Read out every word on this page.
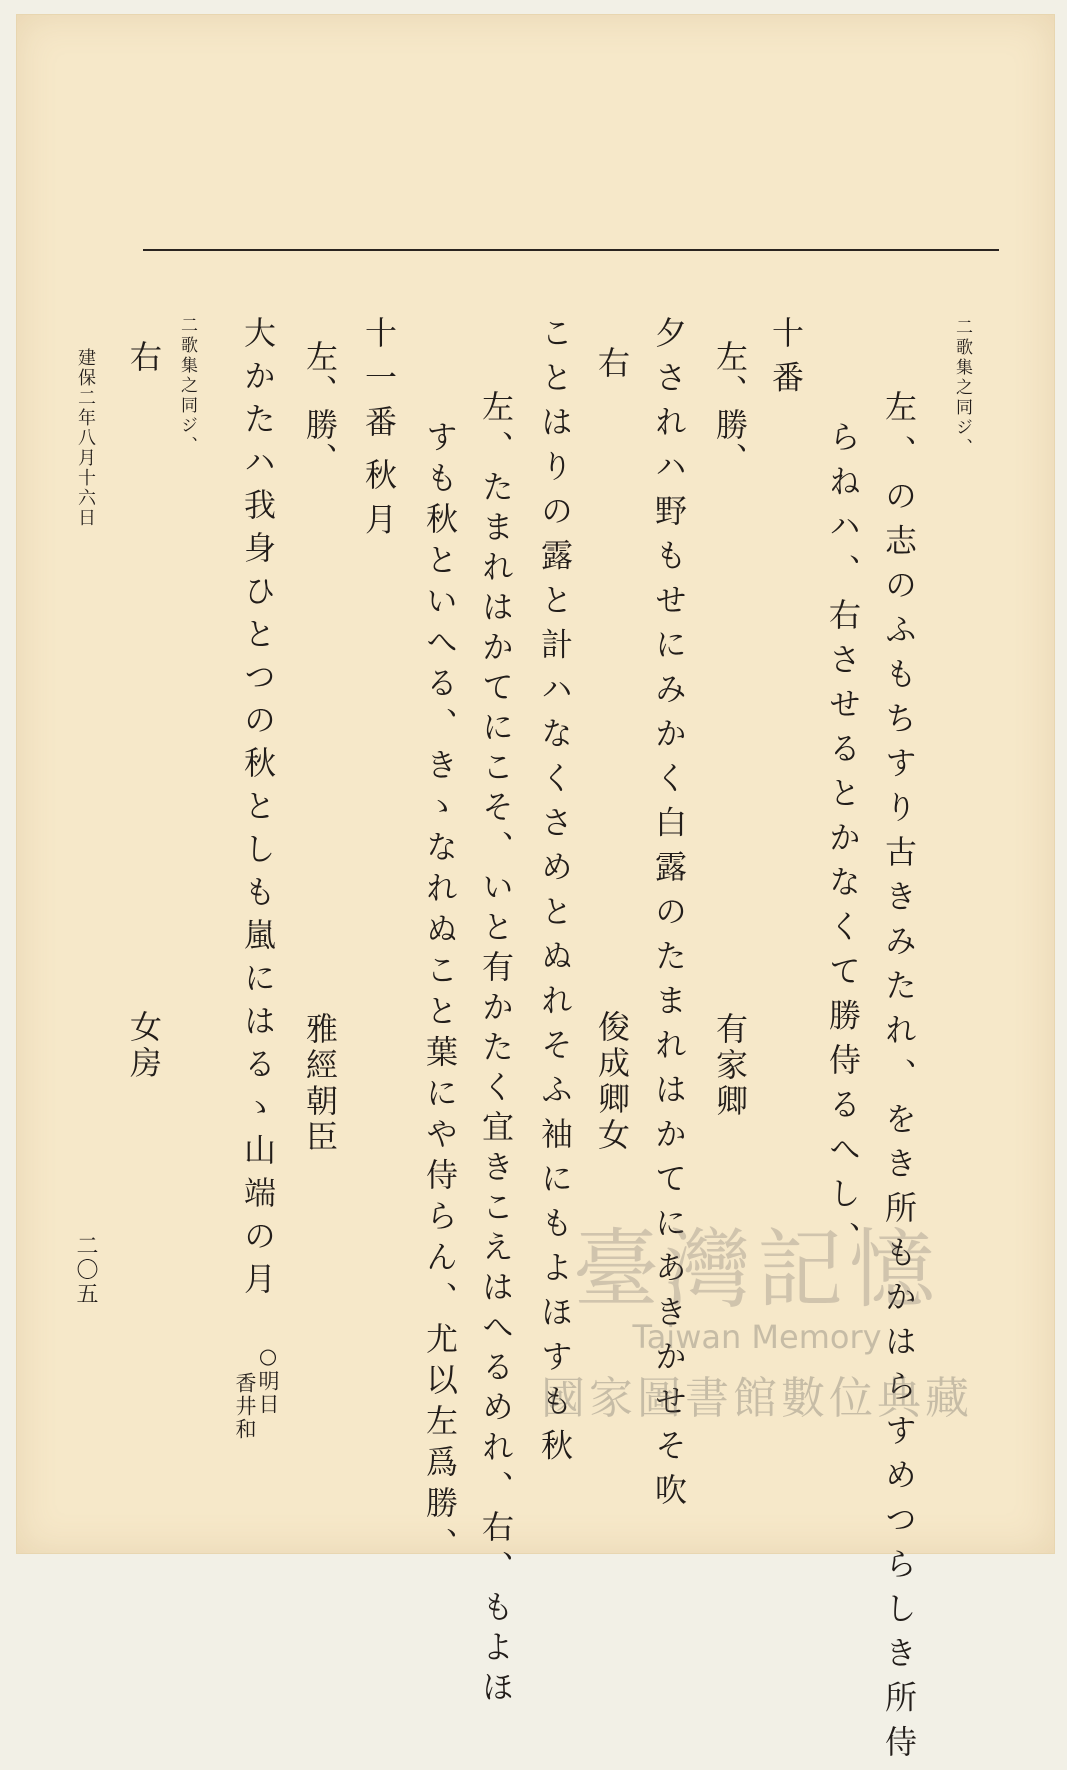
二歌集之同ジ、
左、の志のふもちすり古きみたれ、をき所もかはらすめつらしき所侍
らねハ、右させるとかなくて勝侍るへし、
十番
左、勝、
有家卿
夕されハ野もせにみかく白露のたまれはかてにあきかせそ吹
右
俊成卿女
ことはりの露と計ハなくさめとぬれそふ袖にもよほすも秋
左、たまれはかてにこそ、いと有かたく宜きこえはへるめれ、右、もよほ
すも秋といへる、きゝなれぬこと葉にや侍らん、尤以左爲勝、
十一番
秋月
左、勝、
雅經朝臣
大かたハ我身ひとつの秋としも嵐にはるゝ山端の月
○明日
香井和
二歌集之同ジ、
右
女房
建保二年八月十六日
二〇五	臺灣記憶
Taiwan Memory
國家圖書館數位典藏
